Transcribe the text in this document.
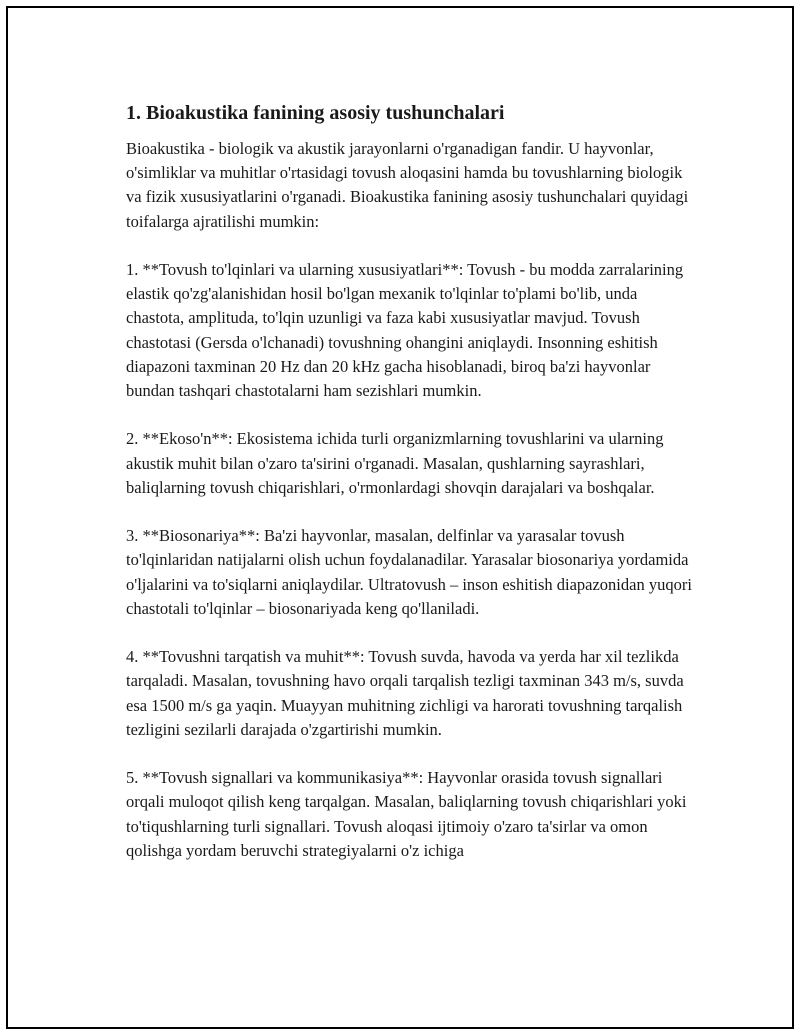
1. Bioakustika fanining asosiy tushunchalari

Bioakustika - biologik va akustik jarayonlarni o'rganadigan fandir. U hayvonlar, o'simliklar va muhitlar o'rtasidagi tovush aloqasini hamda bu tovushlarning biologik va fizik xususiyatlarini o'rganadi. Bioakustika fanining asosiy tushunchalari quyidagi toifalarga ajratilishi mumkin:

1. **Tovush to'lqinlari va ularning xususiyatlari**: Tovush - bu modda zarralarining elastik qo'zg'alanishidan hosil bo'lgan mexanik to'lqinlar to'plami bo'lib, unda chastota, amplituda, to'lqin uzunligi va faza kabi xususiyatlar mavjud. Tovush chastotasi (Gersda o'lchanadi) tovushning ohangini aniqlaydi. Insonning eshitish diapazoni taxminan 20 Hz dan 20 kHz gacha hisoblanadi, biroq ba'zi hayvonlar bundan tashqari chastotalarni ham sezishlari mumkin.

2. **Ekoso'n**: Ekosistema ichida turli organizmlarning tovushlarini va ularning akustik muhit bilan o'zaro ta'sirini o'rganadi. Masalan, qushlarning sayrashlari, baliqlarning tovush chiqarishlari, o'rmonlardagi shovqin darajalari va boshqalar.

3. **Biosonariya**: Ba'zi hayvonlar, masalan, delfinlar va yarasalar tovush to'lqinlaridan natijalarni olish uchun foydalanadilar. Yarasalar biosonariya yordamida o'ljalarini va to'siqlarni aniqlaydilar. Ultratovush – inson eshitish diapazonidan yuqori chastotali to'lqinlar – biosonariyada keng qo'llaniladi.

4. **Tovushni tarqatish va muhit**: Tovush suvda, havoda va yerda har xil tezlikda tarqaladi. Masalan, tovushning havo orqali tarqalish tezligi taxminan 343 m/s, suvda esa 1500 m/s ga yaqin. Muayyan muhitning zichligi va harorati tovushning tarqalish tezligini sezilarli darajada o'zgartirishi mumkin.

5. **Tovush signallari va kommunikasiya**: Hayvonlar orasida tovush signallari orqali muloqot qilish keng tarqalgan. Masalan, baliqlarning tovush chiqarishlari yoki to'tiqushlarning turli signallari. Tovush aloqasi ijtimoiy o'zaro ta'sirlar va omon qolishga yordam beruvchi strategiyalarni o'z ichiga
